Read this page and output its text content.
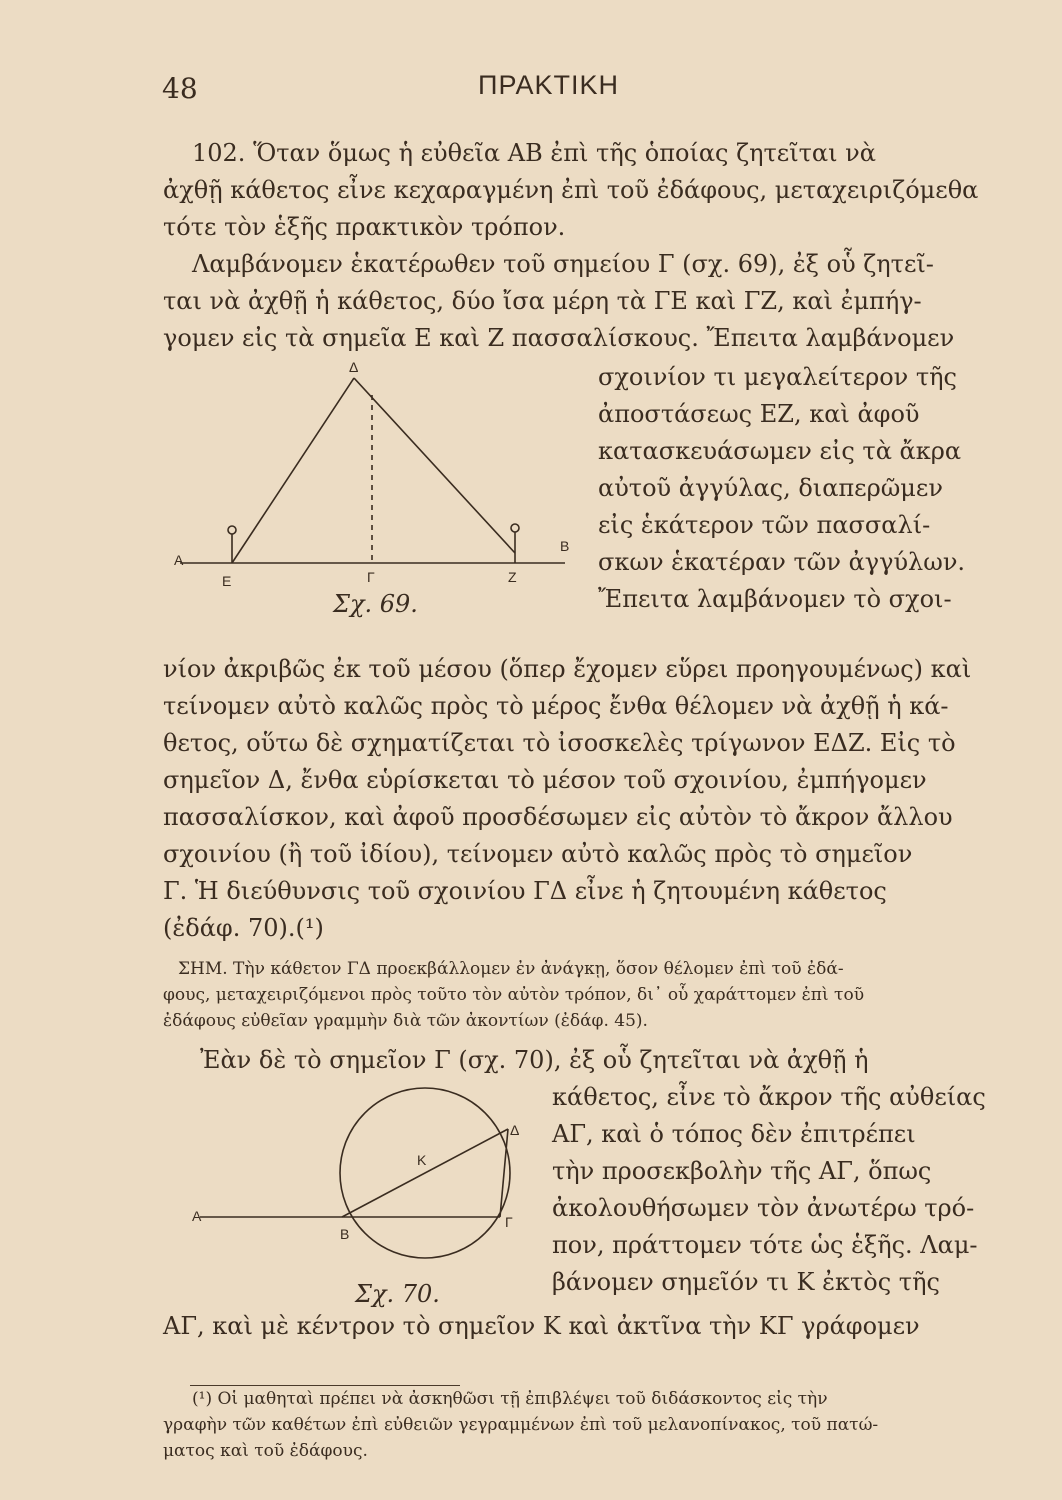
48	ΠΡΑΚΤΙΚΗ
102. Ὅταν ὅμως ἡ εὐθεῖα ΑΒ ἐπὶ τῆς ὁποίας ζητεῖται νὰ
ἀχθῇ κάθετος εἶνε κεχαραγμένη ἐπὶ τοῦ ἐδάφους, μεταχειριζόμεθα
τότε τὸν ἑξῆς πρακτικὸν τρόπον.
Λαμβάνομεν ἑκατέρωθεν τοῦ σημείου Γ (σχ. 69), ἐξ οὗ ζητεῖ-
ται νὰ ἀχθῇ ἡ κάθετος, δύο ἴσα μέρη τὰ ΓΕ καὶ ΓΖ, καὶ ἐμπήγ-
γομεν εἰς τὰ σημεῖα Ε καὶ Ζ πασσαλίσκους. Ἔπειτα λαμβάνομεν
σχοινίον τι μεγαλείτερον τῆς
ἀποστάσεως ΕΖ, καὶ ἀφοῦ
κατασκευάσωμεν εἰς τὰ ἄκρα
αὐτοῦ ἀγγύλας, διαπερῶμεν
εἰς ἑκάτερον τῶν πασσαλί-
σκων ἑκατέραν τῶν ἀγγύλων.
Ἔπειτα λαμβάνομεν τὸ σχοι-
Δ
Α
Β
Ε	Γ	Ζ
Σχ. 69.
νίον ἀκριβῶς ἐκ τοῦ μέσου (ὅπερ ἔχομεν εὕρει προηγουμένως) καὶ
τείνομεν αὐτὸ καλῶς πρὸς τὸ μέρος ἔνθα θέλομεν νὰ ἀχθῇ ἡ κά-
θετος, οὕτω δὲ σχηματίζεται τὸ ἰσοσκελὲς τρίγωνον ΕΔΖ. Εἰς τὸ
σημεῖον Δ, ἔνθα εὑρίσκεται τὸ μέσον τοῦ σχοινίου, ἐμπήγομεν
πασσαλίσκον, καὶ ἀφοῦ προσδέσωμεν εἰς αὐτὸν τὸ ἄκρον ἄλλου
σχοινίου (ἢ τοῦ ἰδίου), τείνομεν αὐτὸ καλῶς πρὸς τὸ σημεῖον
Γ. Ἡ διεύθυνσις τοῦ σχοινίου ΓΔ εἶνε ἡ ζητουμένη κάθετος
(ἐδάφ. 70).(¹)
ΣΗΜ. Τὴν κάθετον ΓΔ προεκβάλλομεν ἐν ἀνάγκῃ, ὅσον θέλομεν ἐπὶ τοῦ ἐδά-
φους, μεταχειριζόμενοι πρὸς τοῦτο τὸν αὐτὸν τρόπον, δι᾽ οὗ χαράττομεν ἐπὶ τοῦ
ἐδάφους εὐθεῖαν γραμμὴν διὰ τῶν ἀκοντίων (ἐδάφ. 45).
Ἐὰν δὲ τὸ σημεῖον Γ (σχ. 70), ἐξ οὗ ζητεῖται νὰ ἀχθῇ ἡ
κάθετος, εἶνε τὸ ἄκρον τῆς αὐθείας
ΑΓ, καὶ ὁ τόπος δὲν ἐπιτρέπει
τὴν προσεκβολὴν τῆς ΑΓ, ὅπως
ἀκολουθήσωμεν τὸν ἀνωτέρω τρό-
πον, πράττομεν τότε ὡς ἑξῆς. Λαμ-
βάνομεν σημεῖόν τι Κ ἐκτὸς τῆς
Α
Β
Κ
Δ
Γ
Σχ. 70.
ΑΓ, καὶ μὲ κέντρον τὸ σημεῖον Κ καὶ ἀκτῖνα τὴν ΚΓ γράφομεν
(¹) Οἱ μαθηταὶ πρέπει νὰ ἀσκηθῶσι τῇ ἐπιβλέψει τοῦ διδάσκοντος εἰς τὴν
γραφὴν τῶν καθέτων ἐπὶ εὐθειῶν γεγραμμένων ἐπὶ τοῦ μελανοπίνακος, τοῦ πατώ-
ματος καὶ τοῦ ἐδάφους.
